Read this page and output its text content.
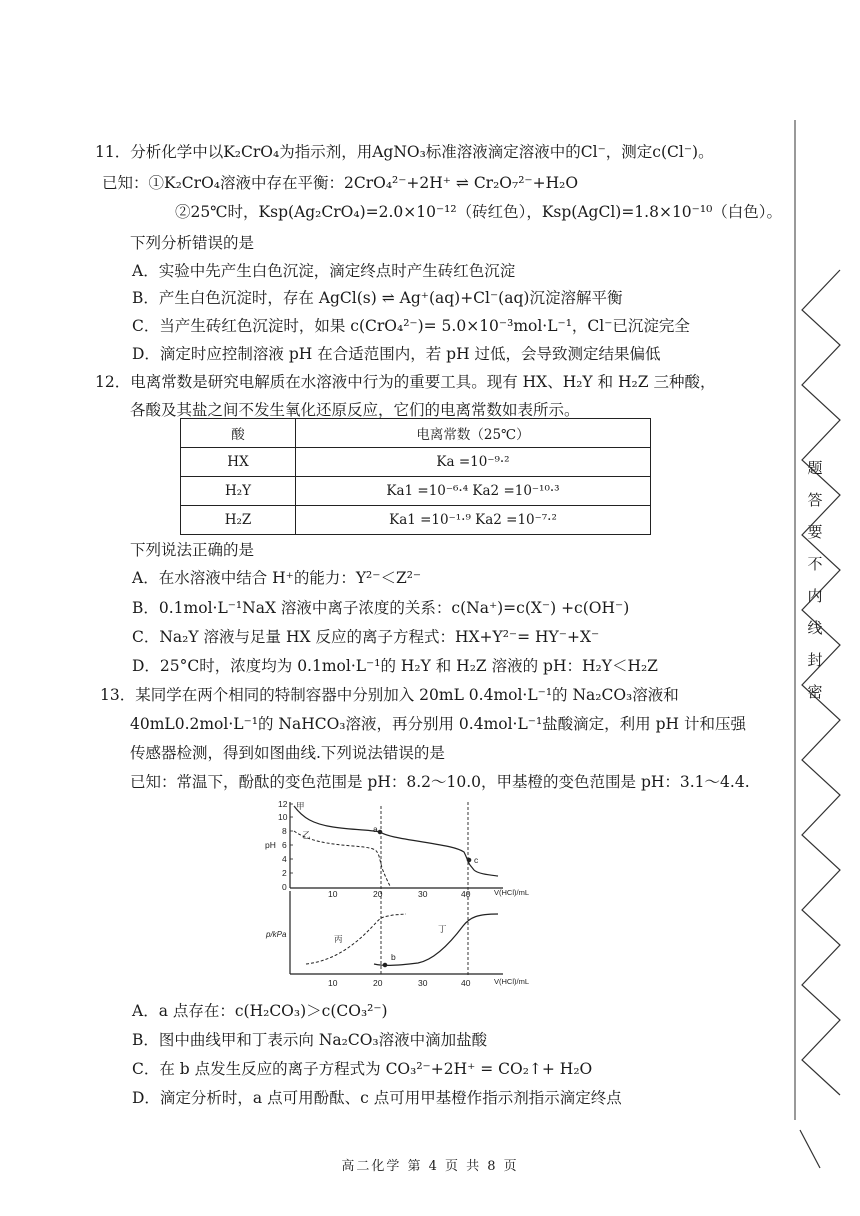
11．分析化学中以K₂CrO₄为指示剂，用AgNO₃标准溶液滴定溶液中的Cl⁻，测定c(Cl⁻)。
已知：①K₂CrO₄溶液中存在平衡：2CrO₄²⁻+2H⁺ ⇌ Cr₂O₇²⁻+H₂O
②25℃时，Ksp(Ag₂CrO₄)=2.0×10⁻¹²（砖红色），Ksp(AgCl)=1.8×10⁻¹⁰（白色）。
下列分析错误的是
A．实验中先产生白色沉淀，滴定终点时产生砖红色沉淀
B．产生白色沉淀时，存在 AgCl(s) ⇌ Ag⁺(aq)+Cl⁻(aq)沉淀溶解平衡
C．当产生砖红色沉淀时，如果 c(CrO₄²⁻)= 5.0×10⁻³mol·L⁻¹，Cl⁻已沉淀完全
D．滴定时应控制溶液 pH 在合适范围内，若 pH 过低，会导致测定结果偏低
12．电离常数是研究电解质在水溶液中行为的重要工具。现有 HX、H₂Y 和 H₂Z 三种酸，
各酸及其盐之间不发生氧化还原反应，它们的电离常数如表所示。
酸	电离常数（25℃）
HX	Ka =10⁻⁹·²
H₂Y	Ka1 =10⁻⁶·⁴ Ka2 =10⁻¹⁰·³
H₂Z	Ka1 =10⁻¹·⁹ Ka2 =10⁻⁷·²
下列说法正确的是
A．在水溶液中结合 H⁺的能力：Y²⁻＜Z²⁻
B．0.1mol·L⁻¹NaX 溶液中离子浓度的关系：c(Na⁺)=c(X⁻) +c(OH⁻)
C．Na₂Y 溶液与足量 HX 反应的离子方程式：HX+Y²⁻= HY⁻+X⁻
D．25°C时，浓度均为 0.1mol·L⁻¹的 H₂Y 和 H₂Z 溶液的 pH：H₂Y＜H₂Z
13．某同学在两个相同的特制容器中分别加入 20mL 0.4mol·L⁻¹的 Na₂CO₃溶液和
40mL0.2mol·L⁻¹的 NaHCO₃溶液，再分别用 0.4mol·L⁻¹盐酸滴定，利用 pH 计和压强
传感器检测，得到如图曲线.下列说法错误的是
已知：常温下，酚酞的变色范围是 pH：8.2～10.0，甲基橙的变色范围是 pH：3.1～4.4.
12
10
8
6
4
2
0
pH
10	20	30	40	V(HCl)/mL
甲
乙
a
c
p/kPa
10	20	30	40	V(HCl)/mL
丙
丁
b
A．a 点存在：c(H₂CO₃)＞c(CO₃²⁻)
B．图中曲线甲和丁表示向 Na₂CO₃溶液中滴加盐酸
C．在 b 点发生反应的离子方程式为 CO₃²⁻+2H⁺ = CO₂↑+ H₂O
D．滴定分析时，a 点可用酚酞、c 点可用甲基橙作指示剂指示滴定终点
高二化学 第 4 页 共 8 页
题
答
要
不
内
线
封
密
